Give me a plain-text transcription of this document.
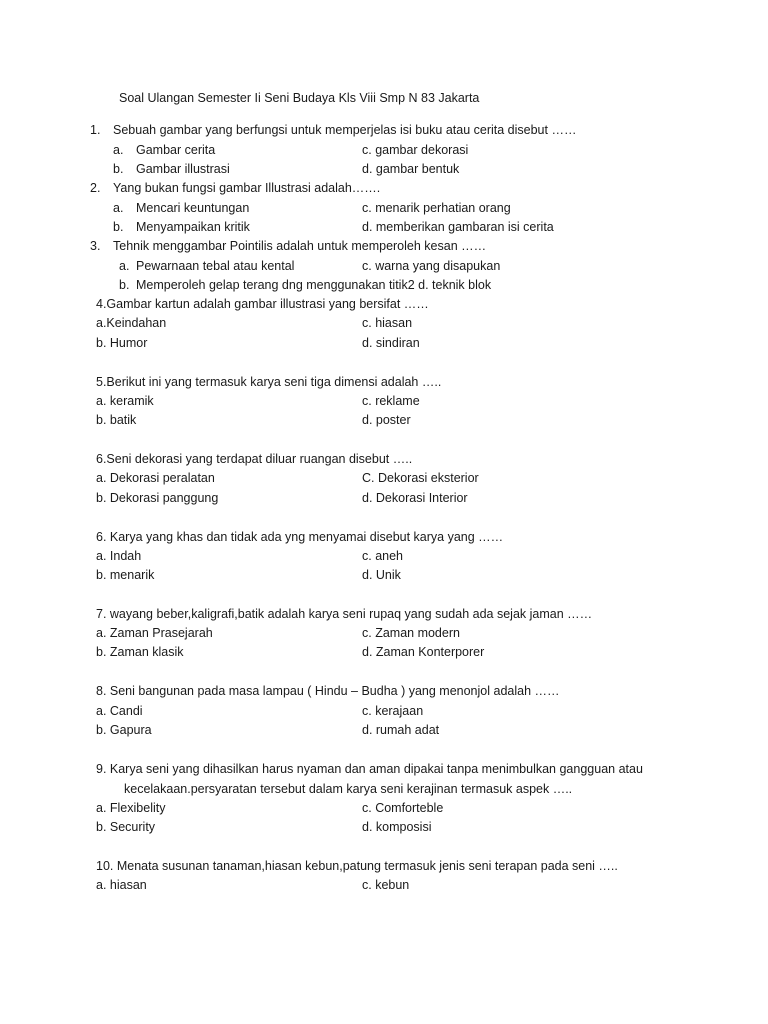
Soal Ulangan Semester Ii Seni Budaya Kls Viii Smp N 83 Jakarta
1. Sebuah gambar yang berfungsi untuk memperjelas isi buku atau cerita disebut ……
a. Gambar cerita	c. gambar dekorasi
b. Gambar illustrasi	d. gambar bentuk
2. Yang bukan fungsi gambar Illustrasi adalah…….
a. Mencari keuntungan	c. menarik perhatian orang
b. Menyampaikan kritik	d. memberikan gambaran isi cerita
3. Tehnik menggambar Pointilis adalah untuk memperoleh kesan ……
a. Pewarnaan tebal atau kental	c. warna yang disapukan
b. Memperoleh gelap terang dng menggunakan titik2 d. teknik blok
4.Gambar kartun adalah gambar illustrasi yang bersifat ……
a.Keindahan	c. hiasan
b. Humor	d. sindiran
5.Berikut ini yang termasuk karya seni tiga dimensi adalah …..
a. keramik	c. reklame
b. batik	d. poster
6.Seni dekorasi yang terdapat diluar ruangan disebut …..
a. Dekorasi peralatan	C. Dekorasi eksterior
b. Dekorasi panggung	d. Dekorasi Interior
6. Karya yang khas dan tidak ada yng menyamai disebut karya yang ……
a. Indah	c. aneh
b. menarik	d. Unik
7. wayang beber,kaligrafi,batik adalah karya seni rupaq yang sudah ada sejak jaman ……
a. Zaman Prasejarah	c. Zaman modern
b. Zaman klasik	d. Zaman Konterporer
8. Seni bangunan pada masa lampau ( Hindu – Budha ) yang menonjol adalah ……
a. Candi	c. kerajaan
b. Gapura	d. rumah adat
9. Karya seni yang dihasilkan harus nyaman dan aman dipakai tanpa menimbulkan gangguan atau
kecelakaan.persyaratan tersebut dalam karya seni kerajinan termasuk aspek …..
a. Flexibelity	c. Comforteble
b. Security	d. komposisi
10. Menata susunan tanaman,hiasan kebun,patung termasuk jenis seni terapan pada seni …..
a. hiasan	c. kebun
